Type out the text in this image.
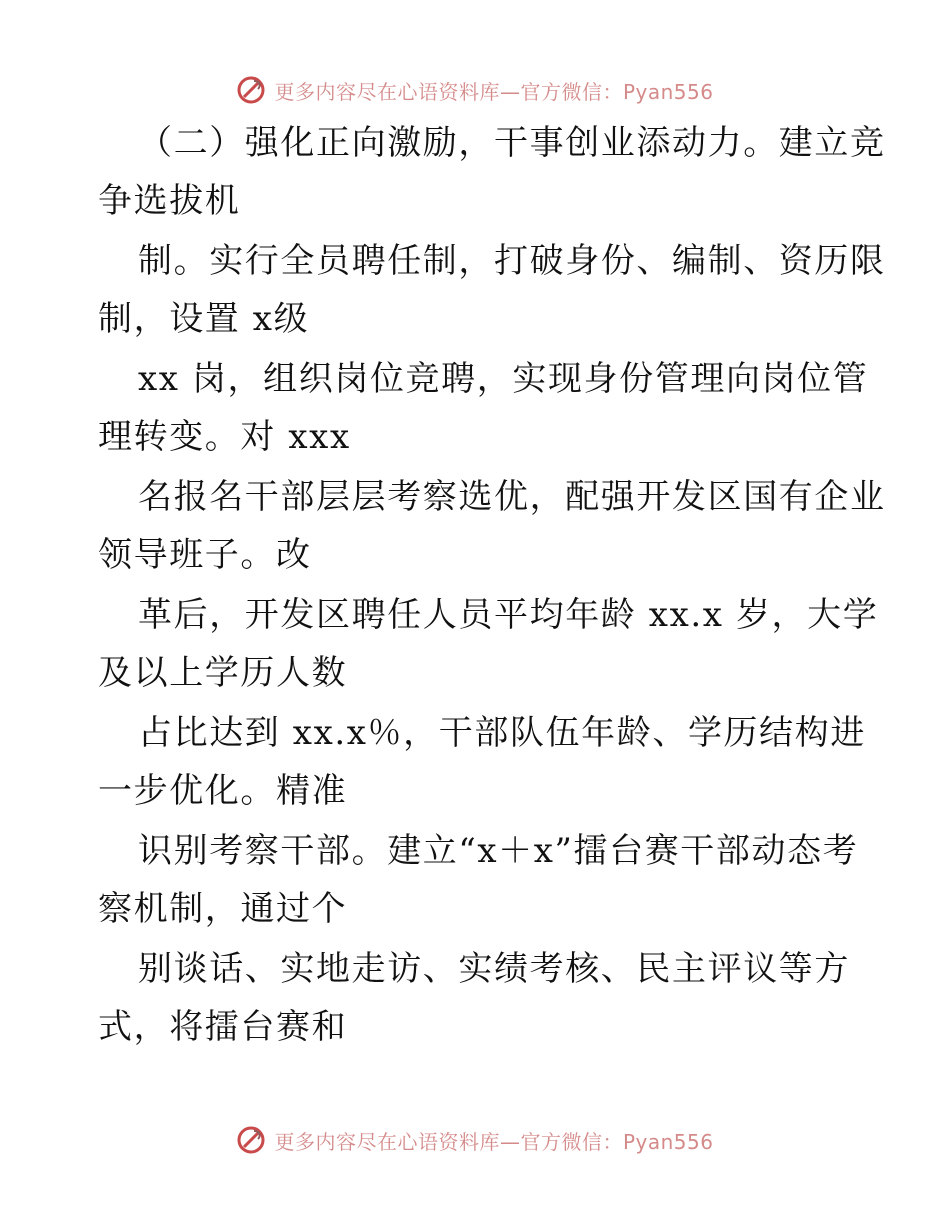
更多内容尽在心语资料库—官方微信：Pyan556
（二）强化正向激励，干事创业添动力。建立竞
争选拔机
制。实行全员聘任制，打破身份、编制、资历限
制，设置 x级
xx 岗，组织岗位竞聘，实现身份管理向岗位管
理转变。对 xxx
名报名干部层层考察选优，配强开发区国有企业
领导班子。改
革后，开发区聘任人员平均年龄 xx.x 岁，大学
及以上学历人数
占比达到 xx.x％，干部队伍年龄、学历结构进
一步优化。精准
识别考察干部。建立“x＋x”擂台赛干部动态考
察机制，通过个
别谈话、实地走访、实绩考核、民主评议等方
式，将擂台赛和
更多内容尽在心语资料库—官方微信：Pyan556
